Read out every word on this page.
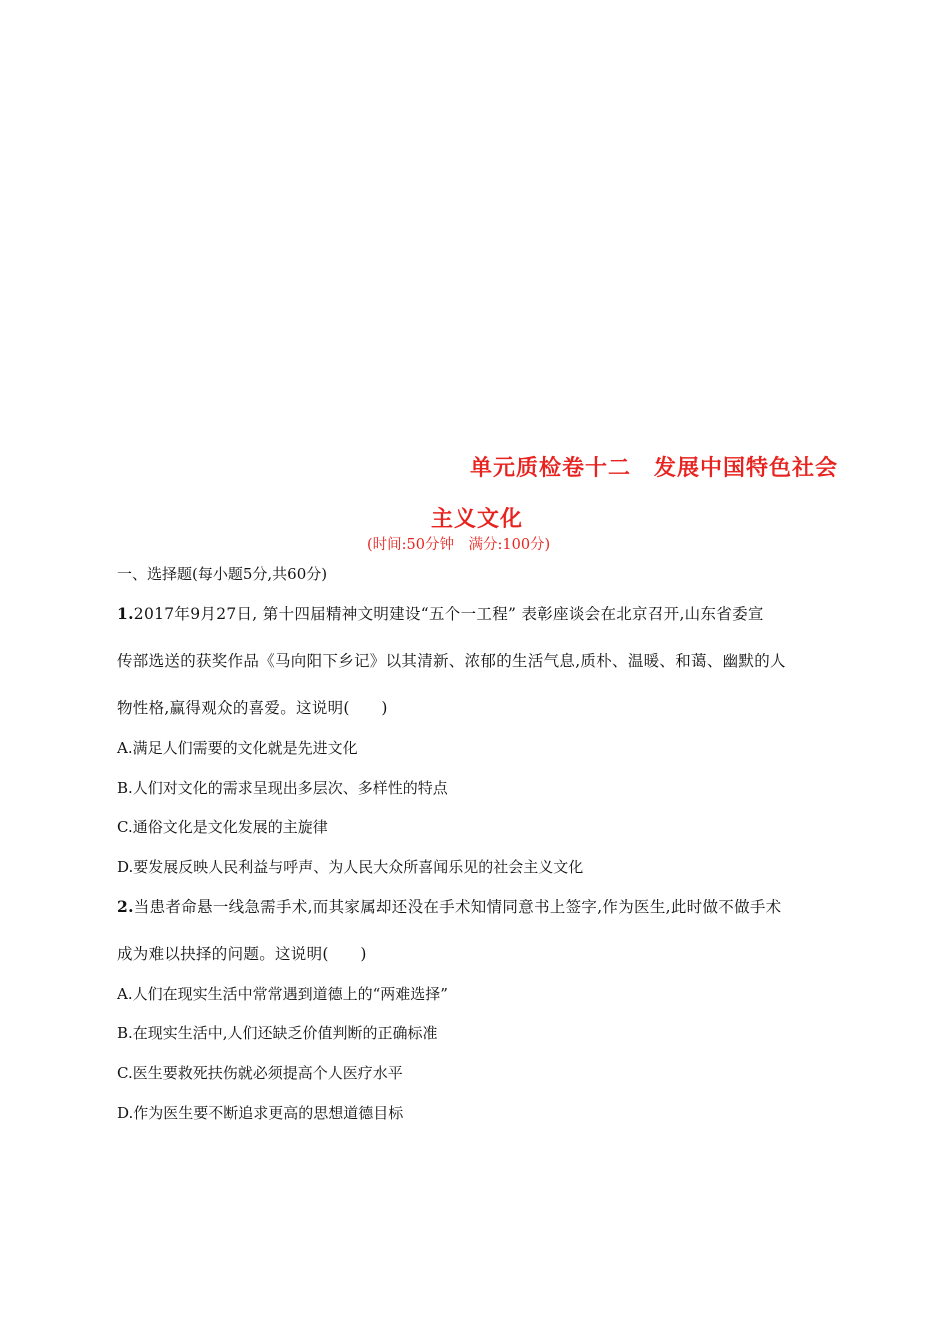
单元质检卷十二　发展中国特色社会
主义文化
(时间:50分钟　满分:100分)
一、选择题(每小题5分,共60分)
1.2017年9月27日, 第十四届精神文明建设“五个一工程” 表彰座谈会在北京召开,山东省委宣
传部选送的获奖作品《马向阳下乡记》以其清新、浓郁的生活气息,质朴、温暖、和蔼、幽默的人
物性格,赢得观众的喜爱。这说明(　　)
A.满足人们需要的文化就是先进文化
B.人们对文化的需求呈现出多层次、多样性的特点
C.通俗文化是文化发展的主旋律
D.要发展反映人民利益与呼声、为人民大众所喜闻乐见的社会主义文化
2.当患者命悬一线急需手术,而其家属却还没在手术知情同意书上签字,作为医生,此时做不做手术
成为难以抉择的问题。这说明(　　)
A.人们在现实生活中常常遇到道德上的“两难选择”
B.在现实生活中,人们还缺乏价值判断的正确标准
C.医生要救死扶伤就必须提高个人医疗水平
D.作为医生要不断追求更高的思想道德目标
